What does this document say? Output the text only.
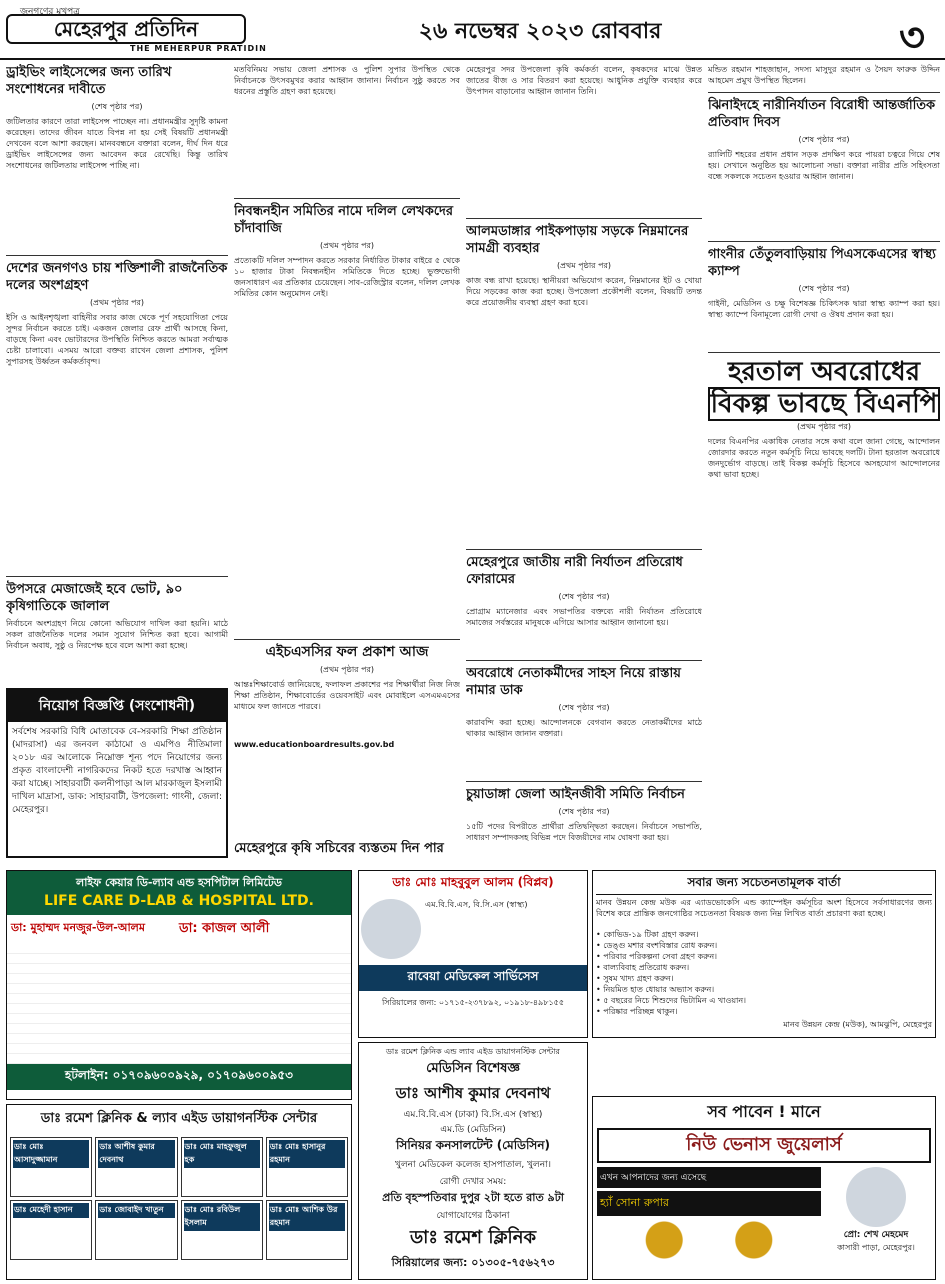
জনগণের মুখপত্র
মেহেরপুর প্রতিদিন
THE MEHERPUR PRATIDIN
২৬ নভেম্বর ২০২৩ রোববার	৩
ড্রাইভিং লাইসেন্সের জন্য তারিখ সংশোধনের দাবীতে
(শেষ পৃষ্ঠার পর)
জটিলতার কারণে তারা লাইসেন্স পাচ্ছেন না। প্রধানমন্ত্রীর সুদৃষ্টি কামনা করেছেন। তাদের জীবন যাতে বিপন্ন না হয় সেই বিষয়টি প্রধানমন্ত্রী দেখবেন বলে আশা করছেন। মানববন্ধনে বক্তারা বলেন, দীর্ঘ দিন ধরে ড্রাইভিং লাইসেন্সের জন্য আবেদন করে রেখেছি। কিন্তু তারিখ সংশোধনের জটিলতায় লাইসেন্স পাচ্ছি না।
দেশের জনগণও চায় শক্তিশালী রাজনৈতিক দলের অংশগ্রহণ
(প্রথম পৃষ্ঠার পর)
ইসি ও আইনশৃঙ্খলা বাহিনীর সবার কাজ থেকে পূর্ণ সহযোগিতা পেয়ে সুন্দর নির্বাচন করতে চাই। একজন জেলার রেফ প্রার্থী আসছে কিনা, বাড়ছে কিনা এবং ভোটারদের উপস্থিতি নিশ্চিত করতে আমরা সর্বাত্মক চেষ্টা চালাবো। এসময় আরো বক্তব্য রাখেন জেলা প্রশাসক, পুলিশ সুপারসহ উর্ধ্বতন কর্মকর্তাবৃন্দ।
উপসরে মেজাজেই হবে ভোট, ৯০ কৃষিগাতিকে জালাল
নির্বাচনে অংশগ্রহণ নিয়ে কোনো অভিযোগ দাখিল করা হয়নি। মাঠে সকল রাজনৈতিক দলের সমান সুযোগ নিশ্চিত করা হবে। আগামী নির্বাচন অবাধ, সুষ্ঠু ও নিরপেক্ষ হবে বলে আশা করা হচ্ছে।
নিয়োগ বিজ্ঞপ্তি (সংশোধনী)
সর্বশেষ সরকারি বিধি মোতাবেক বে-সরকারি শিক্ষা প্রতিষ্ঠান (মাদরাসা) এর জনবল কাঠামো ও এমপিও নীতিমালা ২০১৮ এর আলোকে নিম্নোক্ত শূন্য পদে নিয়োগের জন্য প্রকৃত বাংলাদেশী নাগরিকদের নিকট হতে দরখাস্ত আহ্বান করা যাচ্ছে। সাহারবাটী কলনীপাড়া আল মারকাজুল ইসলামী দাখিল মাদ্রাসা, ডাক: সাহারবাটী, উপজেলা: গাংনী, জেলা: মেহেরপুর।
মতবিনিময় সভায় জেলা প্রশাসক ও পুলিশ সুপার উপস্থিত থেকে নির্বাচনকে উৎসবমুখর করার আহ্বান জানান। নির্বাচন সুষ্ঠু করতে সব ধরনের প্রস্তুতি গ্রহণ করা হয়েছে।
নিবন্ধনহীন সমিতির নামে দলিল লেখকদের চাঁদাবাজি
(প্রথম পৃষ্ঠার পর)
প্রত্যেকটি দলিল সম্পাদন করতে সরকার নির্ধারিত টাকার বাইরে ৫ থেকে ১০ হাজার টাকা নিবন্ধনহীন সমিতিকে দিতে হচ্ছে। ভুক্তভোগী জনসাধারণ এর প্রতিকার চেয়েছেন। সাব-রেজিস্ট্রার বলেন, দলিল লেখক সমিতির কোন অনুমোদন নেই।
এইচএসসির ফল প্রকাশ আজ
(প্রথম পৃষ্ঠার পর)
আন্তঃশিক্ষাবোর্ড জানিয়েছে, ফলাফল প্রকাশের পর শিক্ষার্থীরা নিজ নিজ শিক্ষা প্রতিষ্ঠান, শিক্ষাবোর্ডের ওয়েবসাইট এবং মোবাইলে এসএমএসের মাধ্যমে ফল জানতে পারবে।
www.educationboardresults.gov.bd
মেহেরপুরে কৃষি সচিবের ব্যস্ততম দিন পার
মেহেরপুর সদর উপজেলা কৃষি কর্মকর্তা বলেন, কৃষকদের মাঝে উন্নত জাতের বীজ ও সার বিতরণ করা হয়েছে। আধুনিক প্রযুক্তি ব্যবহার করে উৎপাদন বাড়ানোর আহ্বান জানান তিনি।
আলমডাঙ্গার পাইকপাড়ায় সড়কে নিম্নমানের সামগ্রী ব্যবহার
(প্রথম পৃষ্ঠার পর)
কাজ বন্ধ রাখা হয়েছে। স্থানীয়রা অভিযোগ করেন, নিম্নমানের ইট ও খোয়া দিয়ে সড়কের কাজ করা হচ্ছে। উপজেলা প্রকৌশলী বলেন, বিষয়টি তদন্ত করে প্রয়োজনীয় ব্যবস্থা গ্রহণ করা হবে।
মেহেরপুরে জাতীয় নারী নির্যাতন প্রতিরোধ ফোরামের
(শেষ পৃষ্ঠার পর)
প্রোগ্রাম ম্যানেজার এবং সভাপতির বক্তব্যে নারী নির্যাতন প্রতিরোধে সমাজের সর্বস্তরের মানুষকে এগিয়ে আসার আহ্বান জানানো হয়।
অবরোধে নেতাকর্মীদের সাহস নিয়ে রাস্তায় নামার ডাক
(শেষ পৃষ্ঠার পর)
কারাবন্দি করা হচ্ছে। আন্দোলনকে বেগবান করতে নেতাকর্মীদের মাঠে থাকার আহ্বান জানান বক্তারা।
চুয়াডাঙ্গা জেলা আইনজীবী সমিতি নির্বাচন
(শেষ পৃষ্ঠার পর)
১৫টি পদের বিপরীতে প্রার্থীরা প্রতিদ্বন্দ্বিতা করছেন। নির্বাচনে সভাপতি, সাধারণ সম্পাদকসহ বিভিন্ন পদে বিজয়ীদের নাম ঘোষণা করা হয়।
মন্ডিত রহমান শাহজাহান, সদস্য মাসুদুর রহমান ও সৈয়দ ফারুক উদ্দিন আহমেদ প্রমুখ উপস্থিত ছিলেন।
ঝিনাইদহে নারীনির্যাতন বিরোধী আন্তর্জাতিক প্রতিবাদ দিবস
(শেষ পৃষ্ঠার পর)
র‌্যালিটি শহরের প্রধান প্রধান সড়ক প্রদক্ষিণ করে পায়রা চত্বরে গিয়ে শেষ হয়। সেখানে অনুষ্ঠিত হয় আলোচনা সভা। বক্তারা নারীর প্রতি সহিংসতা বন্ধে সকলকে সচেতন হওয়ার আহ্বান জানান।
গাংনীর তেঁতুলবাড়িয়ায় পিএসকেএসের স্বাস্থ্য ক্যাম্প
(শেষ পৃষ্ঠার পর)
গাইনী, মেডিসিন ও চক্ষু বিশেষজ্ঞ চিকিৎসক দ্বারা স্বাস্থ্য ক্যাম্প করা হয়। স্বাস্থ্য ক্যাম্পে বিনামূল্যে রোগী দেখা ও ঔষধ প্রদান করা হয়।
হরতাল অবরোধের
বিকল্প ভাবছে বিএনপি
(প্রথম পৃষ্ঠার পর)
দলের বিএনপির একাধিক নেতার সঙ্গে কথা বলে জানা গেছে, আন্দোলন জোরদার করতে নতুন কর্মসূচি নিয়ে ভাবছে দলটি। টানা হরতাল অবরোধে জনদুর্ভোগ বাড়ছে। তাই বিকল্প কর্মসূচি হিসেবে অসহযোগ আন্দোলনের কথা ভাবা হচ্ছে।
লাইফ কেয়ার ডি-ল্যাব এন্ড হসপিটাল লিমিটেড
LIFE CARE D-LAB & HOSPITAL LTD.
ডা: মুহাম্মদ মনজুর-উল-আলম	ডা: কাজল আলী
হটলাইন: ০১৭০৯৬০০৯২৯, ০১৭০৯৬০০৯৫৩
ডাঃ মোঃ মাহবুবুল আলম (বিপ্লব)
এম.বি.বি.এস, বি.সি.এস (স্বাস্থ্য)
রাবেয়া মেডিকেল সার্ভিসেস
সিরিয়ালের জন্য: ০১৭১৫-২৩৭৮৯২, ০১৯১৮-৪৯৮১৫৫
সবার জন্য সচেতনতামূলক বার্তা
মানব উন্নয়ন কেন্দ্র মউক এর এ্যাডভোকেসি এন্ড ক্যাম্পেইন কর্মসূচির অংশ হিসেবে সর্বসাধারণের জন্য বিশেষ করে প্রান্তিক জনগোষ্ঠির সচেতনতা বিষয়ক জন্য নিম্ন লিখিত বার্তা প্রচারণা করা হচ্ছে।
• কোভিড-১৯ টিকা গ্রহণ করুন।
• ডেঙ্গু মশার বংশবিস্তার রোধ করুন।
• পরিবার পরিকল্পনা সেবা গ্রহণ করুন।
• বাল্যবিবাহ প্রতিরোধ করুন।
• সুষম খাদ্য গ্রহণ করুন।
• নিয়মিত হাত ধোয়ার অভ্যাস করুন।
• ৫ বছরের নিচে শিশুদের ভিটামিন এ খাওয়ান।
• পরিষ্কার পরিচ্ছন্ন থাকুন।
মানব উন্নয়ন কেন্দ্র (মউক), আমঝুপি, মেহেরপুর
ডাঃ রমেশ ক্লিনিক এন্ড ল্যাব এইড ডায়াগনস্টিক সেন্টার
মেডিসিন বিশেষজ্ঞ
ডাঃ আশীষ কুমার দেবনাথ
এম.বি.বি.এস (ঢাকা) বি.সি.এস (স্বাস্থ্য)
এম.ডি (মেডিসিন)
সিনিয়র কনসালটেন্ট (মেডিসিন)
খুলনা মেডিকেল কলেজ হাসপাতাল, খুলনা।
রোগী দেখার সময়:
প্রতি বৃহস্পতিবার দুপুর ২টা হতে রাত ৯টা
যোগাযোগের ঠিকানা
ডাঃ রমেশ ক্লিনিক
সিরিয়ালের জন্য: ০১৩০৫-৭৫৬২৭৩
ডাঃ রমেশ ক্লিনিক & ল্যাব এইড ডায়াগনস্টিক সেন্টার
ডাঃ মোঃ আসাদুজ্জামান
ডাঃ আশীষ কুমার দেবনাথ
ডাঃ মোঃ মাহফুজুল হক
ডাঃ মোঃ হাসানুর রহমান
ডাঃ মেহেদী হাসান	ডাঃ জোবাইদ খাতুন	ডাঃ মোঃ রবিউল ইসলাম
ডাঃ মোঃ আশিক উর রহমান
সব পাবেন ! মানে
নিউ ভেনাস জুয়েলার্স
এখন আপনাদের জন্য এসেছে
হ্যাঁ সোনা রুপার
প্রো: শেখ মেহমেদ
কাসারী পাড়া, মেহেরপুর।
